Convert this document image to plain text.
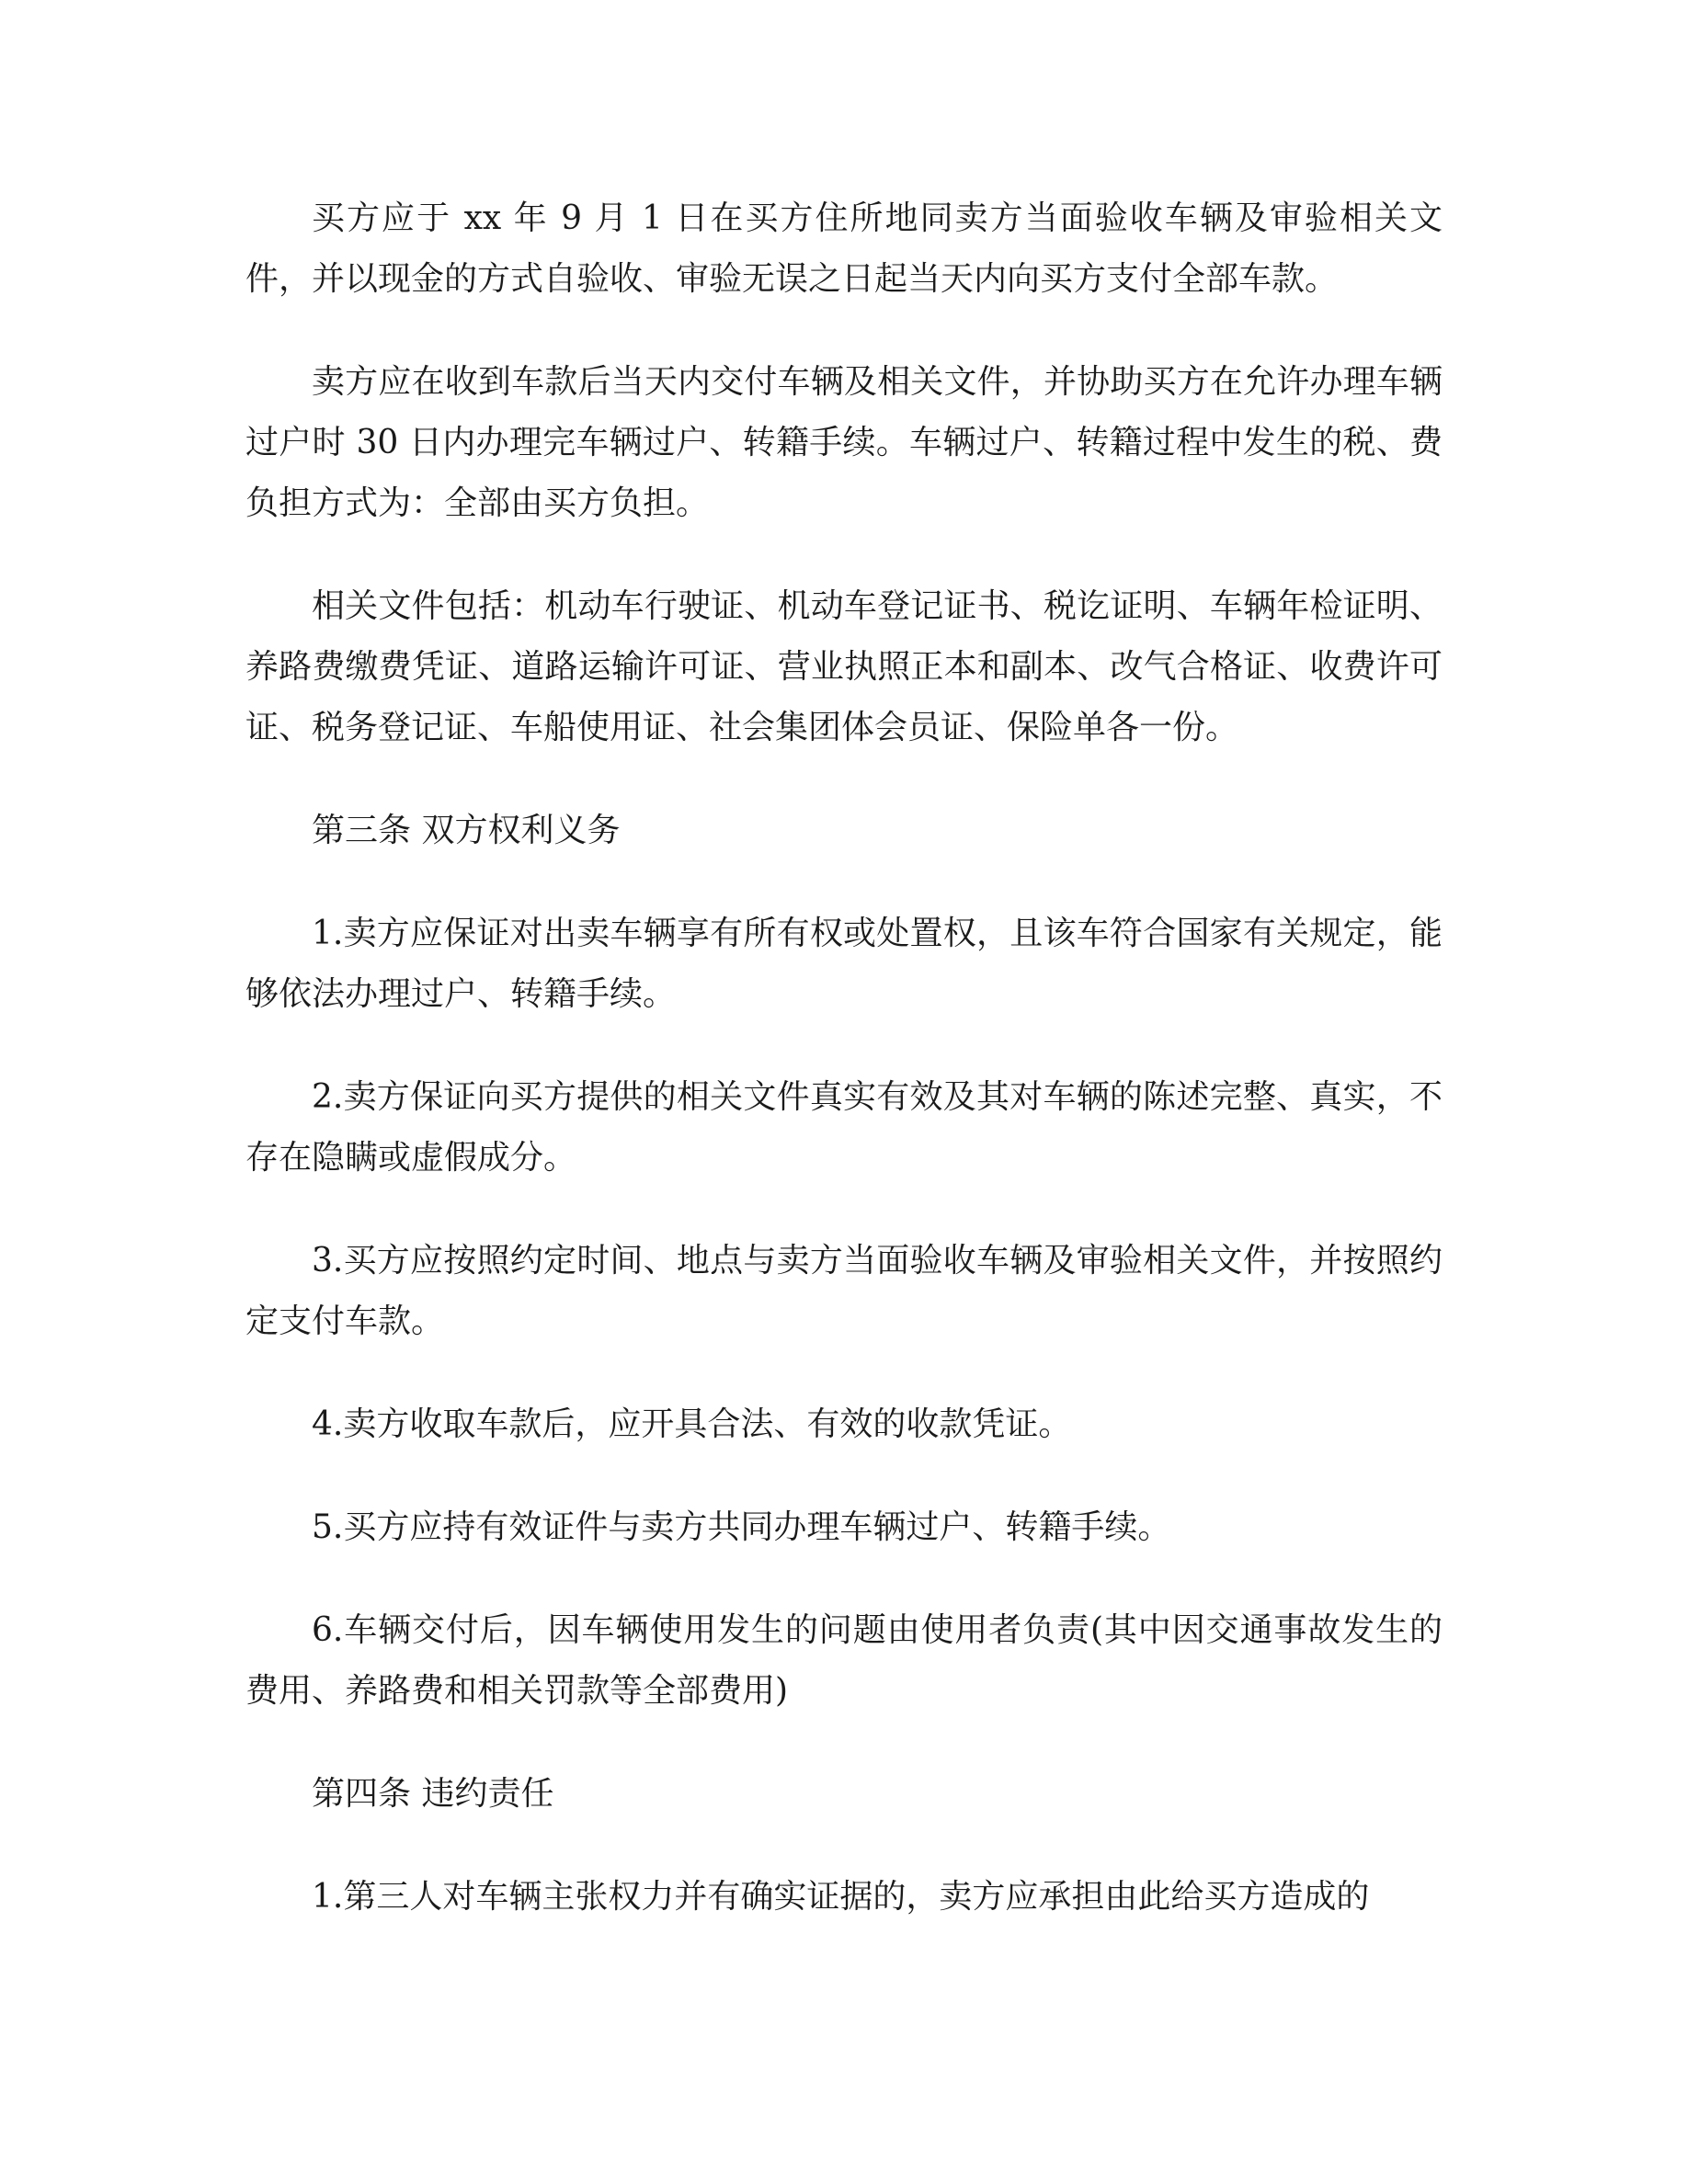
买方应于 xx 年 9 月 1 日在买方住所地同卖方当面验收车辆及审验相关文件，并以现金的方式自验收、审验无误之日起当天内向买方支付全部车款。

卖方应在收到车款后当天内交付车辆及相关文件，并协助买方在允许办理车辆过户时 30 日内办理完车辆过户、转籍手续。车辆过户、转籍过程中发生的税、费负担方式为：全部由买方负担。

相关文件包括：机动车行驶证、机动车登记证书、税讫证明、车辆年检证明、养路费缴费凭证、道路运输许可证、营业执照正本和副本、改气合格证、收费许可证、税务登记证、车船使用证、社会集团体会员证、保险单各一份。

第三条 双方权利义务

1.卖方应保证对出卖车辆享有所有权或处置权，且该车符合国家有关规定，能够依法办理过户、转籍手续。

2.卖方保证向买方提供的相关文件真实有效及其对车辆的陈述完整、真实，不存在隐瞒或虚假成分。

3.买方应按照约定时间、地点与卖方当面验收车辆及审验相关文件，并按照约定支付车款。

4.卖方收取车款后，应开具合法、有效的收款凭证。

5.买方应持有效证件与卖方共同办理车辆过户、转籍手续。

6.车辆交付后，因车辆使用发生的问题由使用者负责(其中因交通事故发生的费用、养路费和相关罚款等全部费用)

第四条 违约责任

1.第三人对车辆主张权力并有确实证据的，卖方应承担由此给买方造成的
